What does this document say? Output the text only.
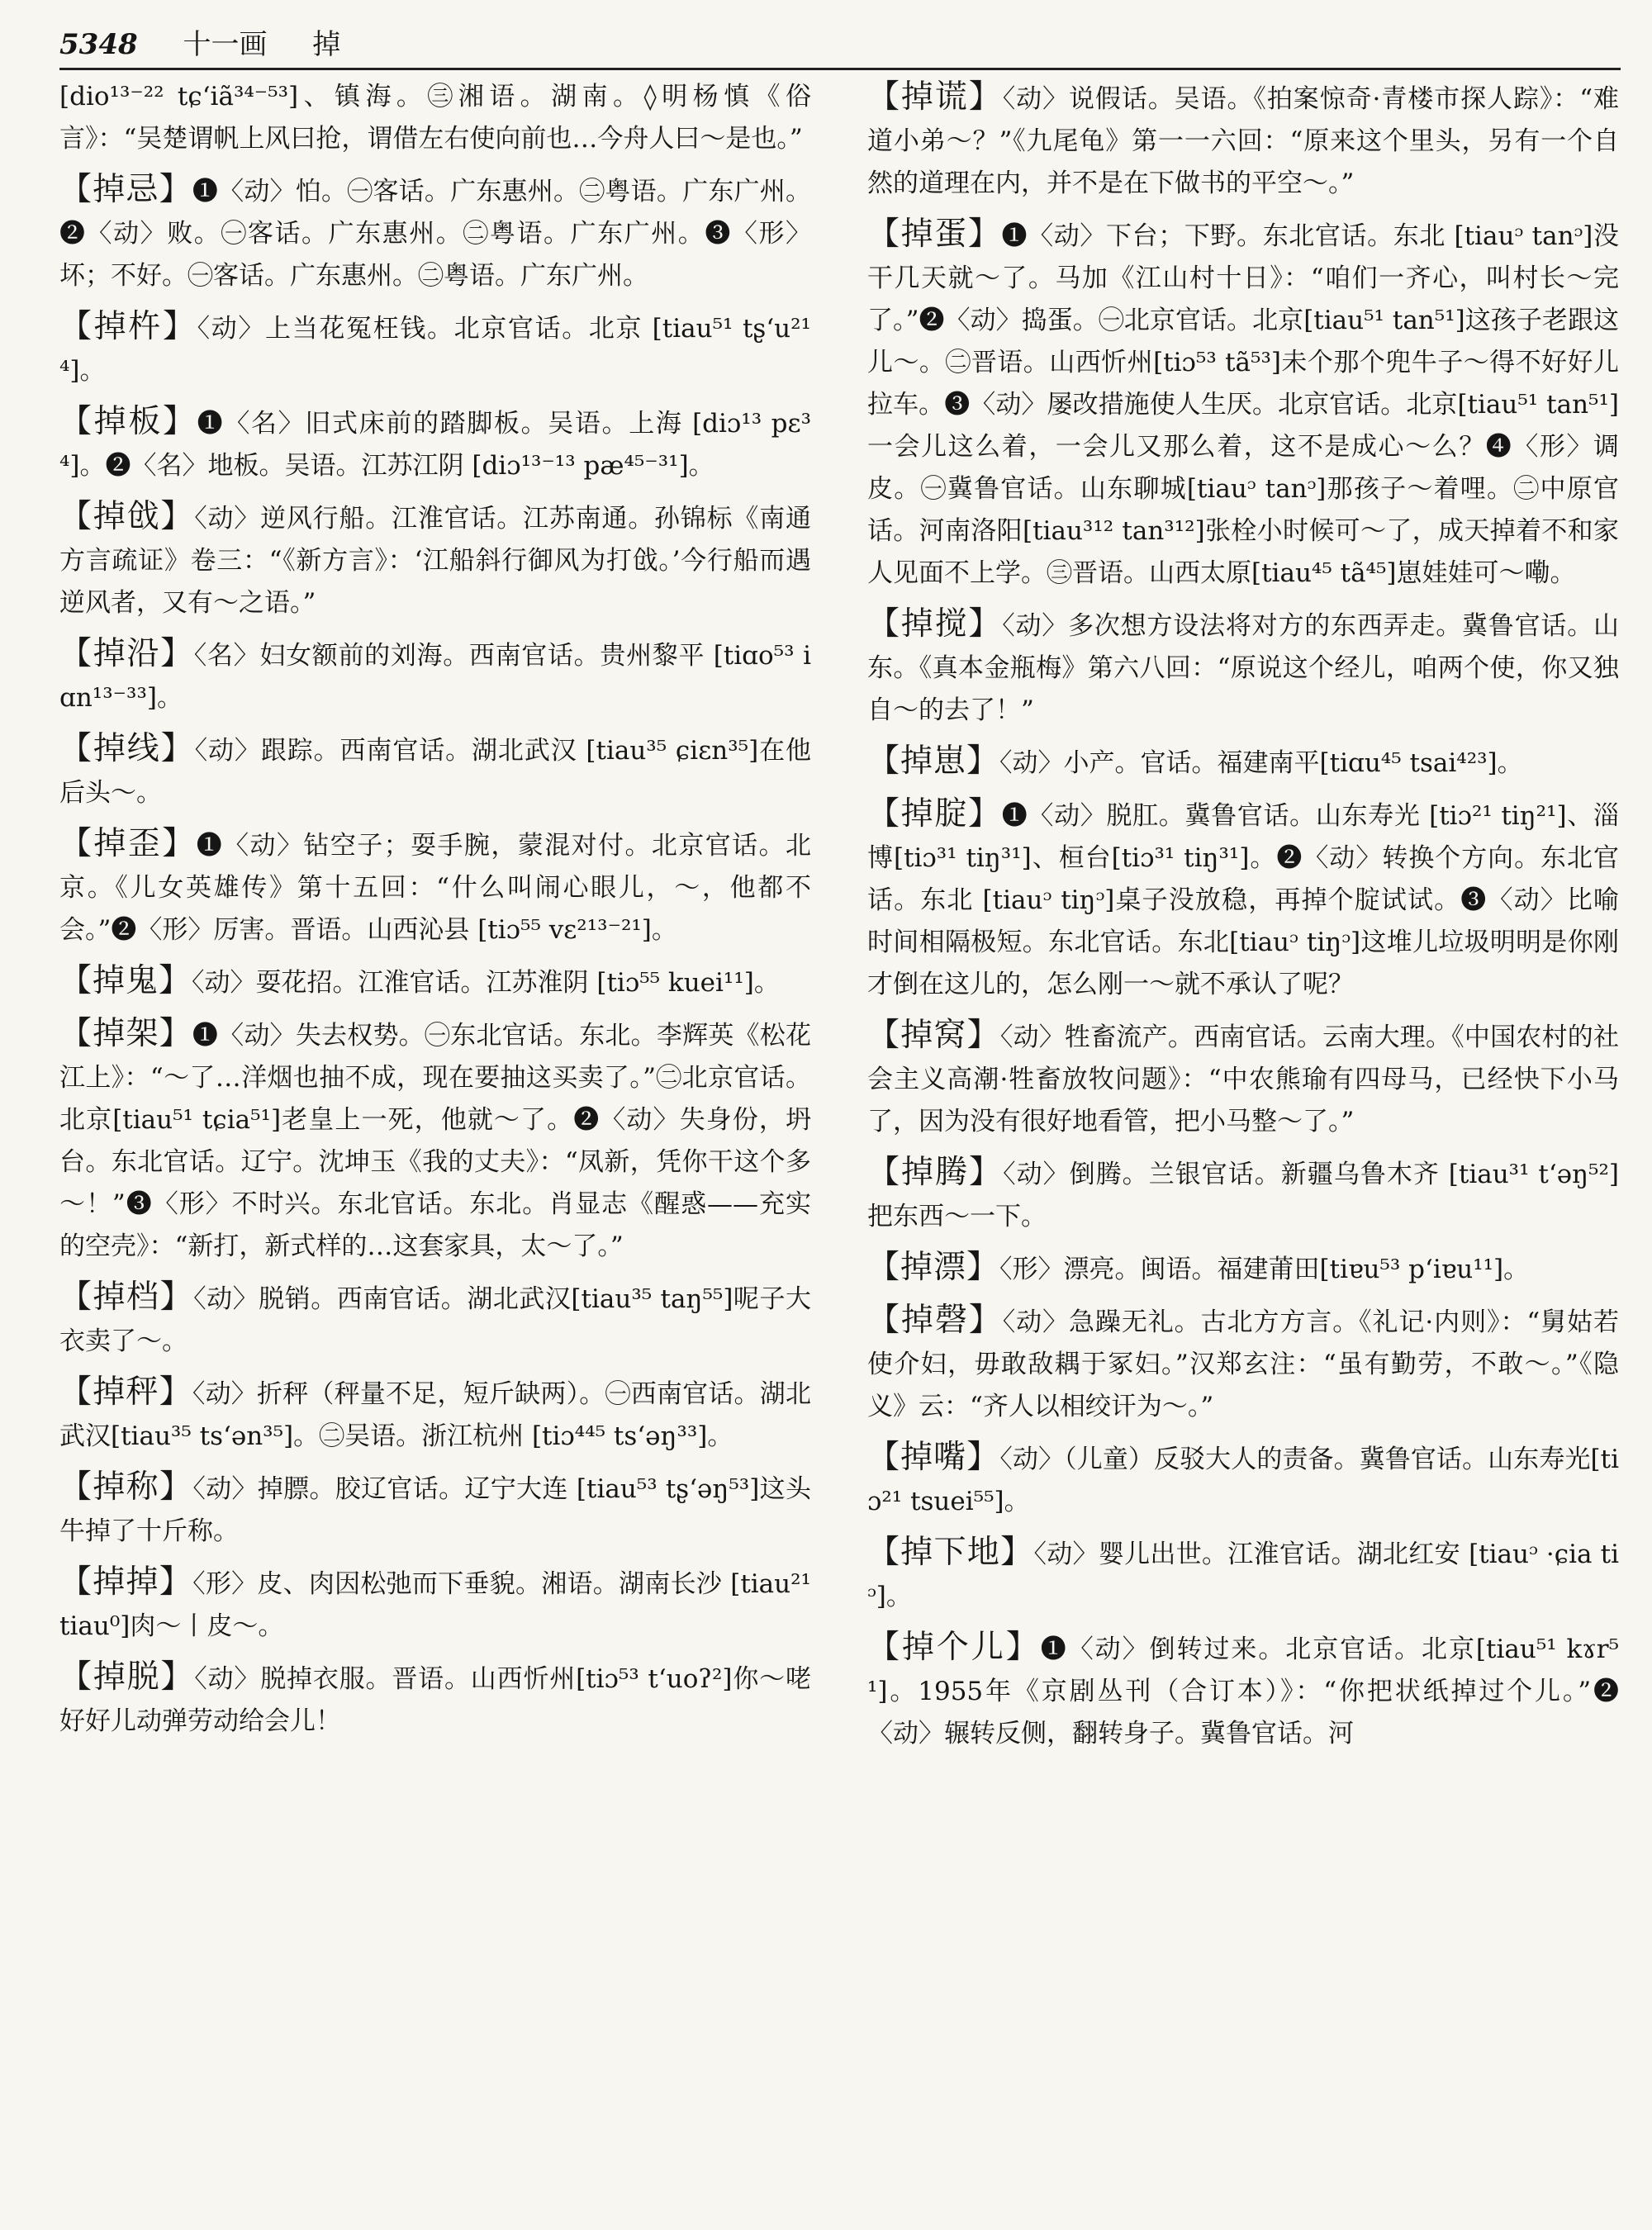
5348 十一画 掉

[dio¹³⁻²² tɕʻiã³⁴⁻⁵³]、镇海。㊂湘语。湖南。◊明杨慎《俗言》：“吴楚谓帆上风曰抢，谓借左右使向前也…今舟人曰～是也。”

【掉忌】❶〈动〉怕。㊀客话。广东惠州。㊁粤语。广东广州。❷〈动〉败。㊀客话。广东惠州。㊁粤语。广东广州。❸〈形〉坏；不好。㊀客话。广东惠州。㊁粤语。广东广州。

【掉杵】〈动〉上当花冤枉钱。北京官话。北京 [tiau⁵¹ tʂʻu²¹⁴]。

【掉板】❶〈名〉旧式床前的踏脚板。吴语。上海 [diɔ¹³ pɛ³⁴]。❷〈名〉地板。吴语。江苏江阴 [diɔ¹³⁻¹³ pæ⁴⁵⁻³¹]。

【掉戗】〈动〉逆风行船。江淮官话。江苏南通。孙锦标《南通方言疏证》卷三：“《新方言》：‘江船斜行御风为打戗。’今行船而遇逆风者，又有～之语。”

【掉沿】〈名〉妇女额前的刘海。西南官话。贵州黎平 [tiɑo⁵³ iɑn¹³⁻³³]。

【掉线】〈动〉跟踪。西南官话。湖北武汉 [tiau³⁵ ɕiɛn³⁵]在他后头～。

【掉歪】❶〈动〉钻空子；耍手腕，蒙混对付。北京官话。北京。《儿女英雄传》第十五回：“什么叫闹心眼儿，～，他都不会。”❷〈形〉厉害。晋语。山西沁县 [tiɔ⁵⁵ vɛ²¹³⁻²¹]。

【掉鬼】〈动〉耍花招。江淮官话。江苏淮阴 [tiɔ⁵⁵ kuei¹¹]。

【掉架】❶〈动〉失去权势。㊀东北官话。东北。李辉英《松花江上》：“～了…洋烟也抽不成，现在要抽这买卖了。”㊁北京官话。北京[tiau⁵¹ tɕia⁵¹]老皇上一死，他就～了。❷〈动〉失身份，坍台。东北官话。辽宁。沈坤玉《我的丈夫》：“凤新，凭你干这个多～！”❸〈形〉不时兴。东北官话。东北。肖显志《醒惑——充实的空壳》：“新打，新式样的…这套家具，太～了。”

【掉档】〈动〉脱销。西南官话。湖北武汉[tiau³⁵ taŋ⁵⁵]呢子大衣卖了～。

【掉秤】〈动〉折秤（秤量不足，短斤缺两）。㊀西南官话。湖北武汉[tiau³⁵ tsʻən³⁵]。㊁吴语。浙江杭州 [tiɔ⁴⁴⁵ tsʻəŋ³³]。

【掉称】〈动〉掉膘。胶辽官话。辽宁大连 [tiau⁵³ tʂʻəŋ⁵³]这头牛掉了十斤称。

【掉掉】〈形〉皮、肉因松弛而下垂貌。湘语。湖南长沙 [tiau²¹ tiau⁰]肉～丨皮～。

【掉脱】〈动〉脱掉衣服。晋语。山西忻州[tiɔ⁵³ tʻuoʔ²]你～咾好好儿动弹劳动给会儿！

【掉谎】〈动〉说假话。吴语。《拍案惊奇·青楼市探人踪》：“难道小弟～？”《九尾龟》第一一六回：“原来这个里头，另有一个自然的道理在内，并不是在下做书的平空～。”

【掉蛋】❶〈动〉下台；下野。东北官话。东北 [tiauᵓ tanᵓ]没干几天就～了。马加《江山村十日》：“咱们一齐心，叫村长～完了。”❷〈动〉捣蛋。㊀北京官话。北京[tiau⁵¹ tan⁵¹]这孩子老跟这儿～。㊁晋语。山西忻州[tiɔ⁵³ tã⁵³]未个那个兜牛子～得不好好儿拉车。❸〈动〉屡改措施使人生厌。北京官话。北京[tiau⁵¹ tan⁵¹]一会儿这么着，一会儿又那么着，这不是成心～么？❹〈形〉调皮。㊀冀鲁官话。山东聊城[tiauᵓ tanᵓ]那孩子～着哩。㊁中原官话。河南洛阳[tiau³¹² tan³¹²]张栓小时候可～了，成天掉着不和家人见面不上学。㊂晋语。山西太原[tiau⁴⁵ tã⁴⁵]崽娃娃可～嘞。

【掉搅】〈动〉多次想方设法将对方的东西弄走。冀鲁官话。山东。《真本金瓶梅》第六八回：“原说这个经儿，咱两个使，你又独自～的去了！”

【掉崽】〈动〉小产。官话。福建南平[tiɑu⁴⁵ tsai⁴²³]。

【掉腚】❶〈动〉脱肛。冀鲁官话。山东寿光 [tiɔ²¹ tiŋ²¹]、淄博[tiɔ³¹ tiŋ³¹]、桓台[tiɔ³¹ tiŋ³¹]。❷〈动〉转换个方向。东北官话。东北 [tiauᵓ tiŋᵓ]桌子没放稳，再掉个腚试试。❸〈动〉比喻时间相隔极短。东北官话。东北[tiauᵓ tiŋᵓ]这堆儿垃圾明明是你刚才倒在这儿的，怎么刚一～就不承认了呢？

【掉窝】〈动〉牲畜流产。西南官话。云南大理。《中国农村的社会主义高潮·牲畜放牧问题》：“中农熊瑜有四母马，已经快下小马了，因为没有很好地看管，把小马整～了。”

【掉腾】〈动〉倒腾。兰银官话。新疆乌鲁木齐 [tiau³¹ tʻəŋ⁵²]把东西～一下。

【掉漂】〈形〉漂亮。闽语。福建莆田[tiɐu⁵³ pʻiɐu¹¹]。

【掉磬】〈动〉急躁无礼。古北方方言。《礼记·内则》：“舅姑若使介妇，毋敢敌耦于冢妇。”汉郑玄注：“虽有勤劳，不敢～。”《隐义》云：“齐人以相绞讦为～。”

【掉嘴】〈动〉（儿童）反驳大人的责备。冀鲁官话。山东寿光[tiɔ²¹ tsuei⁵⁵]。

【掉下地】〈动〉婴儿出世。江淮官话。湖北红安 [tiauᵓ ·ɕia tiᵓ]。

【掉个儿】❶〈动〉倒转过来。北京官话。北京[tiau⁵¹ kɤr⁵¹]。1955年《京剧丛刊（合订本）》：“你把状纸掉过个儿。”❷〈动〉辗转反侧，翻转身子。冀鲁官话。河
